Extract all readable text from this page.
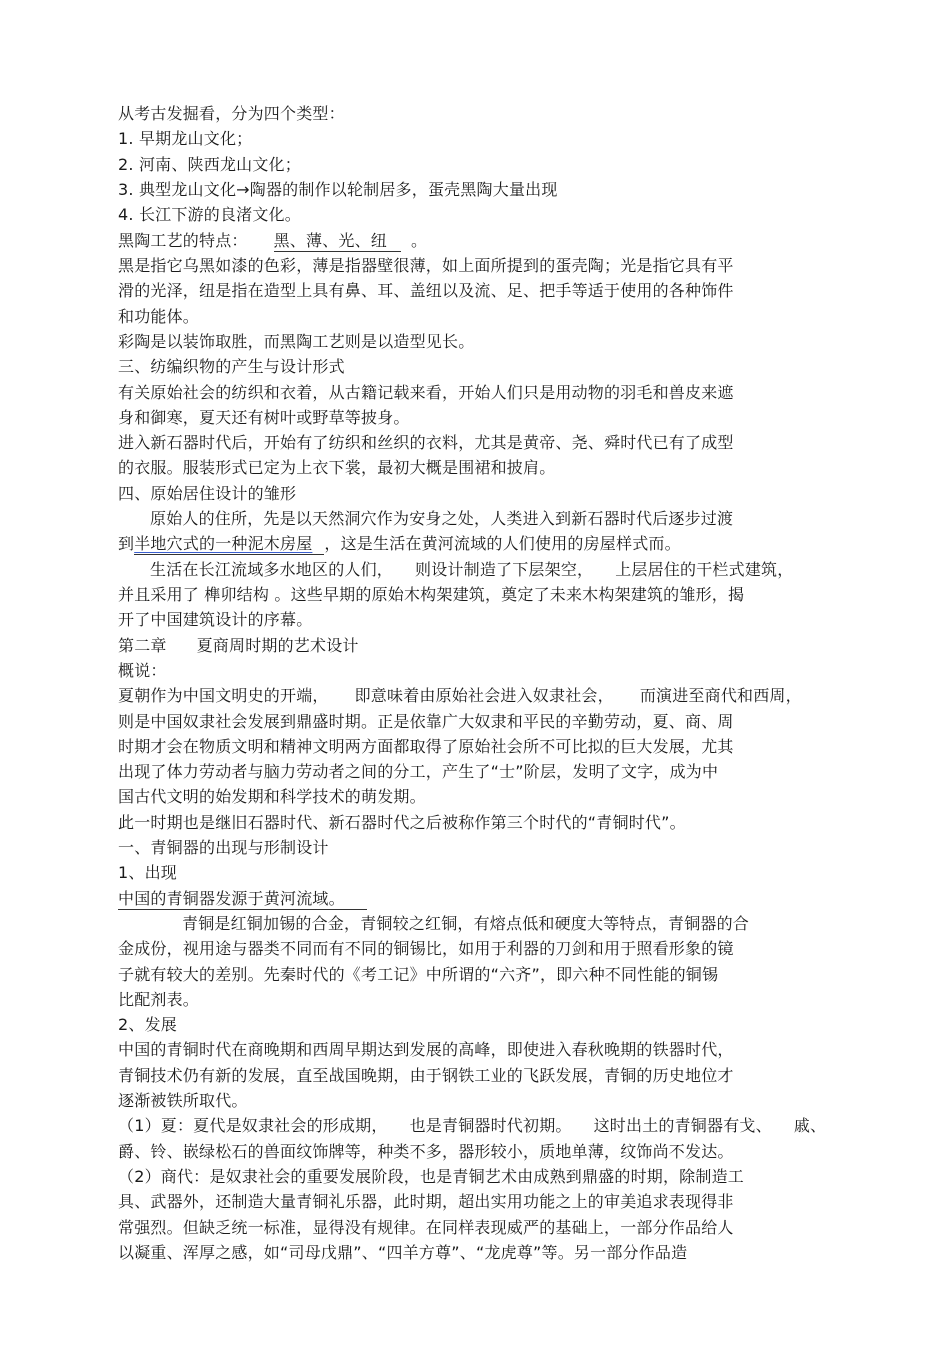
从考古发掘看，分为四个类型：
1. 早期龙山文化；
2. 河南、陕西龙山文化；
3. 典型龙山文化→陶器的制作以轮制居多，蛋壳黑陶大量出现
4. 长江下游的良渚文化。
黑陶工艺的特点： 黑、薄、光、纽 。
黑是指它乌黑如漆的色彩，薄是指器壁很薄，如上面所提到的蛋壳陶；光是指它具有平
滑的光泽，纽是指在造型上具有鼻、耳、盖纽以及流、足、把手等适于使用的各种饰件
和功能体。
彩陶是以装饰取胜，而黑陶工艺则是以造型见长。
三、纺编织物的产生与设计形式
有关原始社会的纺织和衣着，从古籍记载来看，开始人们只是用动物的羽毛和兽皮来遮
身和御寒，夏天还有树叶或野草等披身。
进入新石器时代后，开始有了纺织和丝织的衣料，尤其是黄帝、尧、舜时代已有了成型
的衣服。服装形式已定为上衣下裳，最初大概是围裙和披肩。
四、原始居住设计的雏形
原始人的住所，先是以天然洞穴作为安身之处，人类进入到新石器时代后逐步过渡
到半地穴式的一种泥木房屋 ，这是生活在黄河流域的人们使用的房屋样式而。
生活在长江流域多水地区的人们， 则设计制造了下层架空， 上层居住的干栏式建筑，
并且采用了 榫卯结构 。这些早期的原始木构架建筑，奠定了未来木构架建筑的雏形，揭
开了中国建筑设计的序幕。
第二章 夏商周时期的艺术设计
概说：
夏朝作为中国文明史的开端， 即意味着由原始社会进入奴隶社会， 而演进至商代和西周，
则是中国奴隶社会发展到鼎盛时期。正是依靠广大奴隶和平民的辛勤劳动，夏、商、周
时期才会在物质文明和精神文明两方面都取得了原始社会所不可比拟的巨大发展，尤其
出现了体力劳动者与脑力劳动者之间的分工，产生了“士”阶层，发明了文字，成为中
国古代文明的始发期和科学技术的萌发期。
此一时期也是继旧石器时代、新石器时代之后被称作第三个时代的“青铜时代”。
一、青铜器的出现与形制设计
1、出现
中国的青铜器发源于黄河流域。
青铜是红铜加锡的合金，青铜较之红铜，有熔点低和硬度大等特点，青铜器的合
金成份，视用途与器类不同而有不同的铜锡比，如用于利器的刀剑和用于照看形象的镜
子就有较大的差别。先秦时代的《考工记》中所谓的“六齐”，即六种不同性能的铜锡
比配剂表。
2、发展
中国的青铜时代在商晚期和西周早期达到发展的高峰，即使进入春秋晚期的铁器时代，
青铜技术仍有新的发展，直至战国晚期，由于钢铁工业的飞跃发展，青铜的历史地位才
逐渐被铁所取代。
（1）夏：夏代是奴隶社会的形成期， 也是青铜器时代初期。 这时出土的青铜器有戈、 戚、
爵、铃、嵌绿松石的兽面纹饰牌等，种类不多，器形较小，质地单薄，纹饰尚不发达。
（2）商代：是奴隶社会的重要发展阶段，也是青铜艺术由成熟到鼎盛的时期，除制造工
具、武器外，还制造大量青铜礼乐器，此时期，超出实用功能之上的审美追求表现得非
常强烈。但缺乏统一标准，显得没有规律。在同样表现威严的基础上，一部分作品给人
以凝重、浑厚之感，如“司母戊鼎”、“四羊方尊”、“龙虎尊”等。另一部分作品造
